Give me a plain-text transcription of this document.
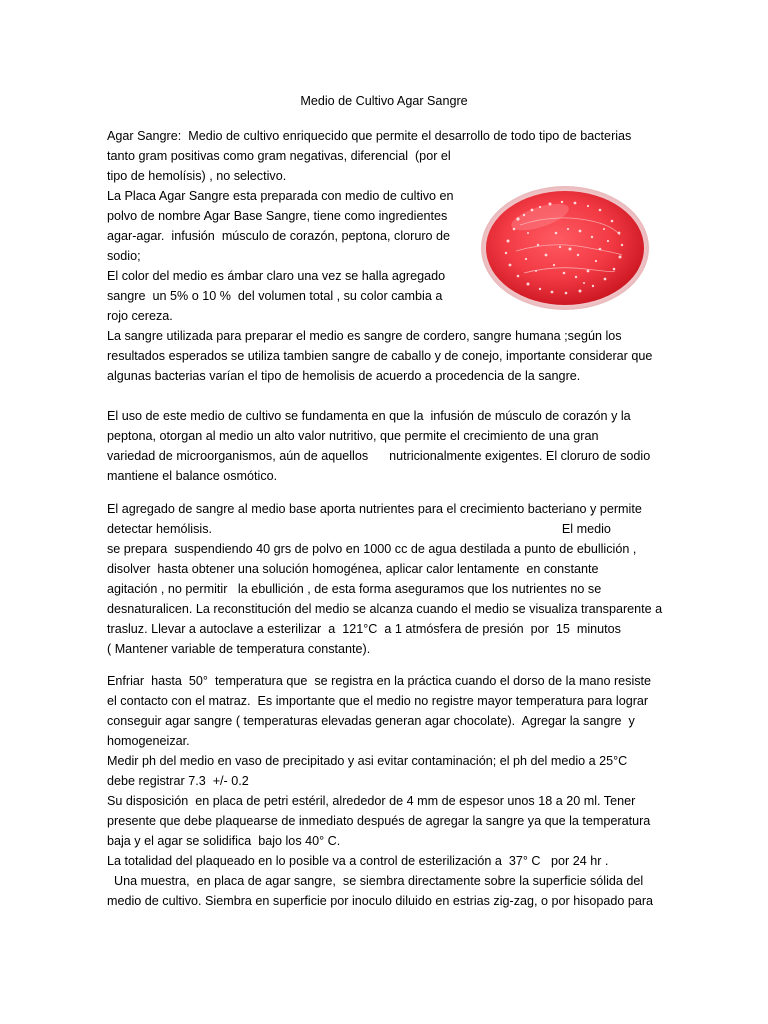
Medio de Cultivo Agar Sangre
Agar Sangre:  Medio de cultivo enriquecido que permite el desarrollo de todo tipo de bacterias
tanto gram positivas como gram negativas, diferencial  (por el
tipo de hemolísis) , no selectivo.
La Placa Agar Sangre esta preparada con medio de cultivo en
polvo de nombre Agar Base Sangre, tiene como ingredientes
agar-agar.  infusión  músculo de corazón, peptona, cloruro de
sodio;
El color del medio es ámbar claro una vez se halla agregado
sangre  un 5% o 10 %  del volumen total , su color cambia a
rojo cereza.
La sangre utilizada para preparar el medio es sangre de cordero, sangre humana ;según los
resultados esperados se utiliza tambien sangre de caballo y de conejo, importante considerar que
algunas bacterias varían el tipo de hemolisis de acuerdo a procedencia de la sangre.
El uso de este medio de cultivo se fundamenta en que la  infusión de músculo de corazón y la
peptona, otorgan al medio un alto valor nutritivo, que permite el crecimiento de una gran
variedad de microorganismos, aún de aquellos      nutricionalmente exigentes. El cloruro de sodio
mantiene el balance osmótico.
El agregado de sangre al medio base aporta nutrientes para el crecimiento bacteriano y permite
detectar hemólisis.                                                                                                    El medio
se prepara  suspendiendo 40 grs de polvo en 1000 cc de agua destilada a punto de ebullición ,
disolver  hasta obtener una solución homogénea, aplicar calor lentamente  en constante
agitación , no permitir   la ebullición , de esta forma aseguramos que los nutrientes no se
desnaturalicen. La reconstitución del medio se alcanza cuando el medio se visualiza transparente a
trasluz. Llevar a autoclave a esterilizar  a  121°C  a 1 atmósfera de presión  por  15  minutos
( Mantener variable de temperatura constante).
Enfriar  hasta  50°  temperatura que  se registra en la práctica cuando el dorso de la mano resiste
el contacto con el matraz.  Es importante que el medio no registre mayor temperatura para lograr
conseguir agar sangre ( temperaturas elevadas generan agar chocolate).  Agregar la sangre  y
homogeneizar.
Medir ph del medio en vaso de precipitado y asi evitar contaminación; el ph del medio a 25°C
debe registrar 7.3  +/- 0.2
Su disposición  en placa de petri estéril, alrededor de 4 mm de espesor unos 18 a 20 ml. Tener
presente que debe plaquearse de inmediato después de agregar la sangre ya que la temperatura
baja y el agar se solidifica  bajo los 40° C.
La totalidad del plaqueado en lo posible va a control de esterilización a  37° C   por 24 hr .
Una muestra,  en placa de agar sangre,  se siembra directamente sobre la superficie sólida del
medio de cultivo. Siembra en superficie por inoculo diluido en estrias zig-zag, o por hisopado para
